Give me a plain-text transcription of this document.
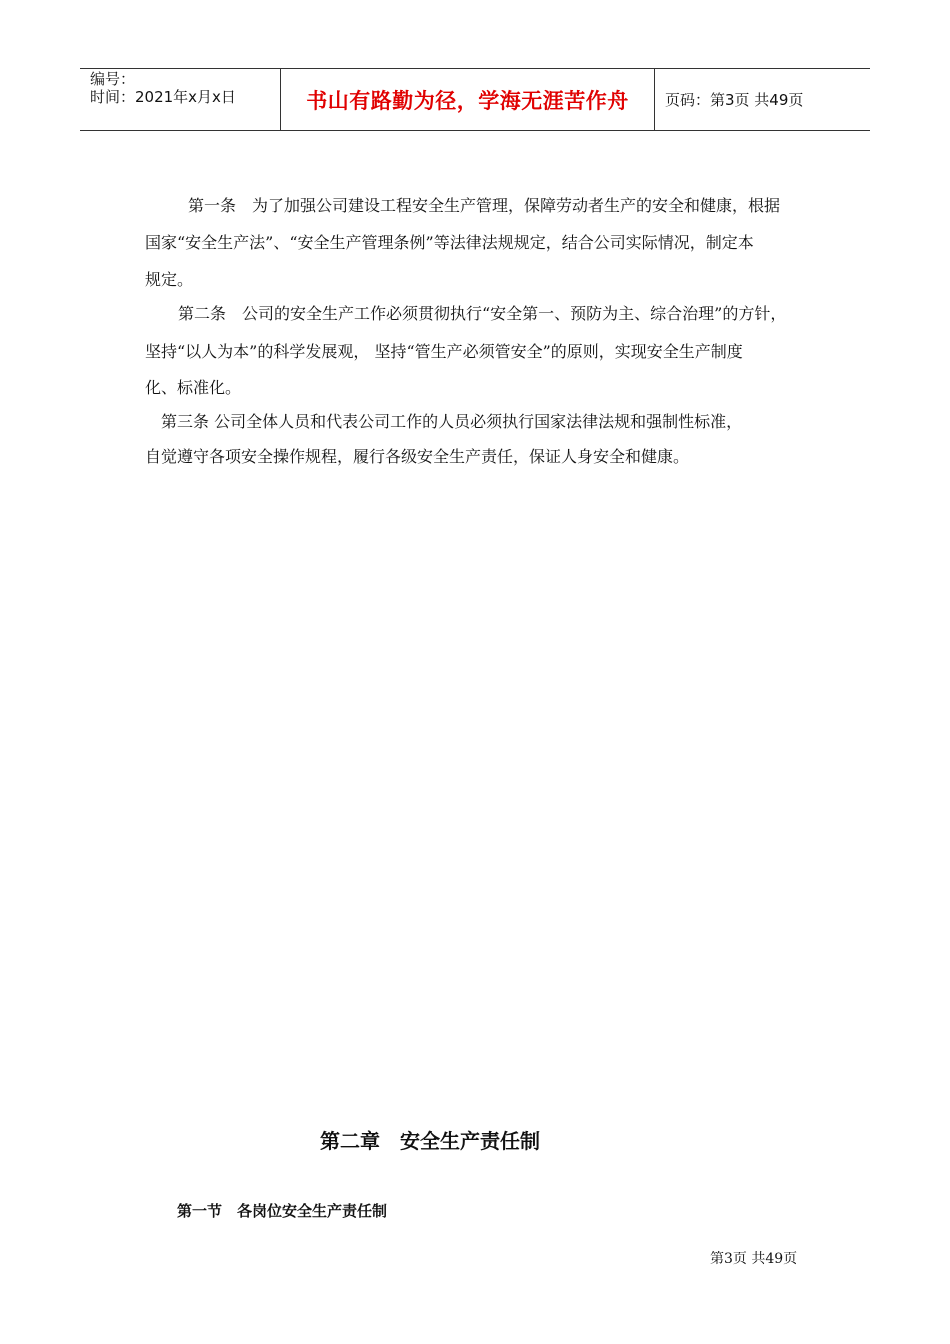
编号：
时间：2021年x月x日	书山有路勤为径，学海无涯苦作舟 页码：第3页 共49页
第一条　为了加强公司建设工程安全生产管理，保障劳动者生产的安全和健康，根据
国家“安全生产法”、“安全生产管理条例”等法律法规规定，结合公司实际情况，制定本
规定。
第二条　公司的安全生产工作必须贯彻执行“安全第一、预防为主、综合治理”的方针，
坚持“以人为本”的科学发展观， 坚持“管生产必须管安全”的原则，实现安全生产制度
化、标准化。
第三条 公司全体人员和代表公司工作的人员必须执行国家法律法规和强制性标准，
自觉遵守各项安全操作规程，履行各级安全生产责任，保证人身安全和健康。
第二章　安全生产责任制
第一节　各岗位安全生产责任制
第3页 共49页
